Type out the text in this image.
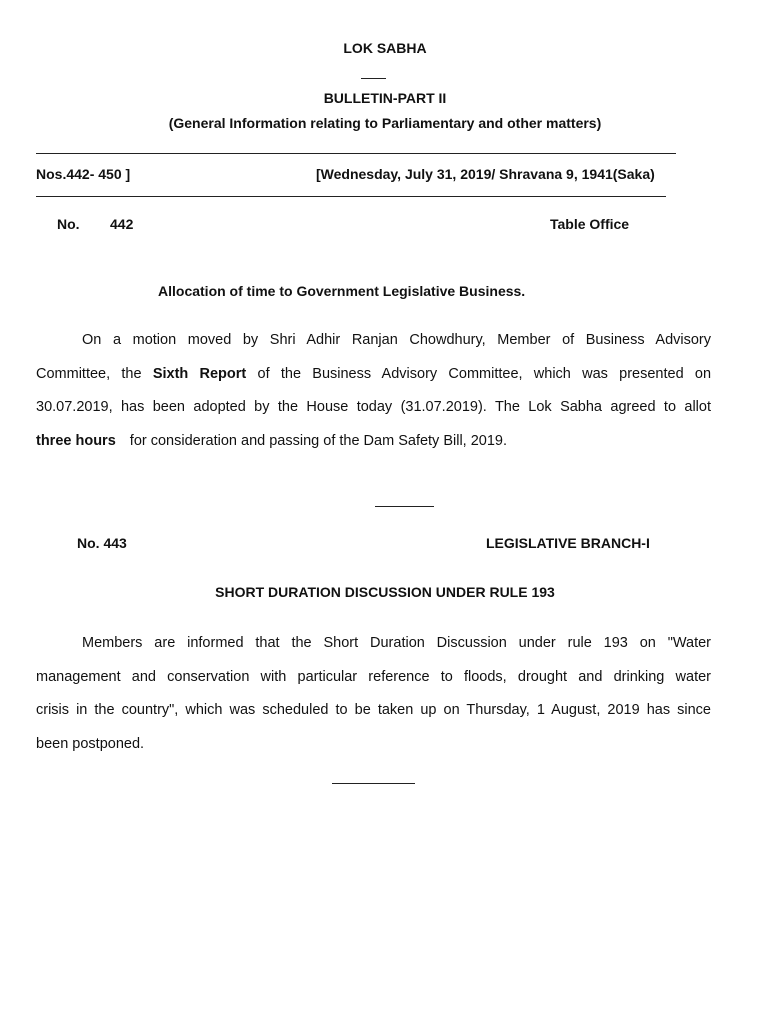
LOK SABHA
BULLETIN-PART II
(General Information relating to Parliamentary and other matters)
Nos.442- 450 ]	[Wednesday, July 31, 2019/ Shravana 9, 1941(Saka)
No. 442	Table Office
Allocation of time to Government Legislative Business.
On a motion moved by Shri Adhir Ranjan Chowdhury, Member of Business Advisory
Committee, the Sixth Report of the Business Advisory Committee, which was presented on
30.07.2019, has been adopted by the House today (31.07.2019). The Lok Sabha agreed to allot
three hours for consideration and passing of the Dam Safety Bill, 2019.
No. 443	LEGISLATIVE BRANCH-I
SHORT DURATION DISCUSSION UNDER RULE 193
Members are informed that the Short Duration Discussion under rule 193 on "Water
management and conservation with particular reference to floods, drought and drinking water
crisis in the country", which was scheduled to be taken up on Thursday, 1 August, 2019 has since
been postponed.
